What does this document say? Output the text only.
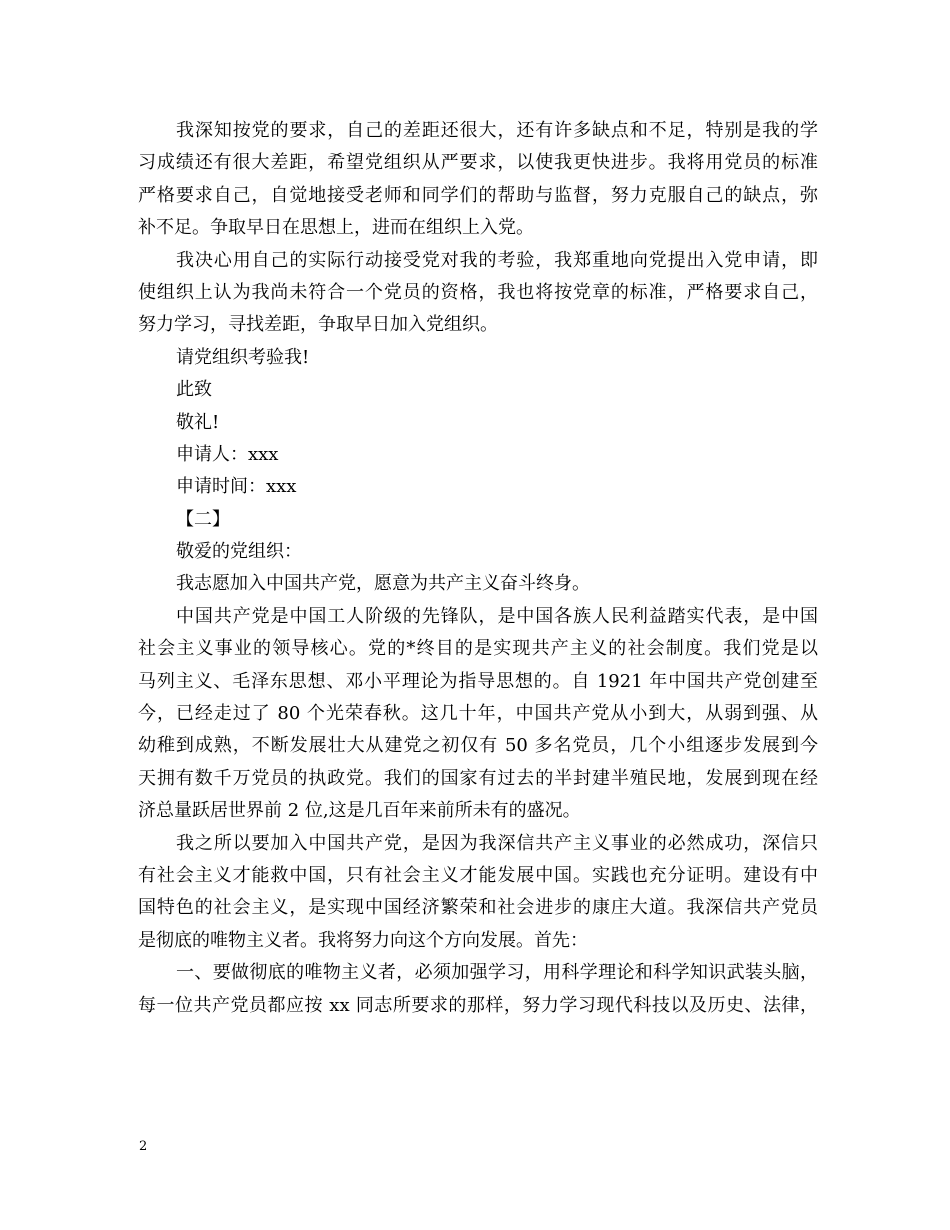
我深知按党的要求，自己的差距还很大，还有许多缺点和不足，特别是我的学
习成绩还有很大差距，希望党组织从严要求，以使我更快进步。我将用党员的标准
严格要求自己，自觉地接受老师和同学们的帮助与监督，努力克服自己的缺点，弥
补不足。争取早日在思想上，进而在组织上入党。
我决心用自己的实际行动接受党对我的考验，我郑重地向党提出入党申请，即
使组织上认为我尚未符合一个党员的资格，我也将按党章的标准，严格要求自己，
努力学习，寻找差距，争取早日加入党组织。
请党组织考验我!
此致
敬礼!
申请人：xxx
申请时间：xxx
【二】
敬爱的党组织：
我志愿加入中国共产党，愿意为共产主义奋斗终身。
中国共产党是中国工人阶级的先锋队，是中国各族人民利益踏实代表，是中国
社会主义事业的领导核心。党的*终目的是实现共产主义的社会制度。我们党是以
马列主义、毛泽东思想、邓小平理论为指导思想的。自 1921 年中国共产党创建至
今，已经走过了 80 个光荣春秋。这几十年，中国共产党从小到大，从弱到强、从
幼稚到成熟，不断发展壮大从建党之初仅有 50 多名党员，几个小组逐步发展到今
天拥有数千万党员的执政党。我们的国家有过去的半封建半殖民地，发展到现在经
济总量跃居世界前 2 位,这是几百年来前所未有的盛况。
我之所以要加入中国共产党，是因为我深信共产主义事业的必然成功，深信只
有社会主义才能救中国，只有社会主义才能发展中国。实践也充分证明。建设有中
国特色的社会主义，是实现中国经济繁荣和社会进步的康庄大道。我深信共产党员
是彻底的唯物主义者。我将努力向这个方向发展。首先：
一、要做彻底的唯物主义者，必须加强学习，用科学理论和科学知识武装头脑，
每一位共产党员都应按 xx 同志所要求的那样，努力学习现代科技以及历史、法律，
2
